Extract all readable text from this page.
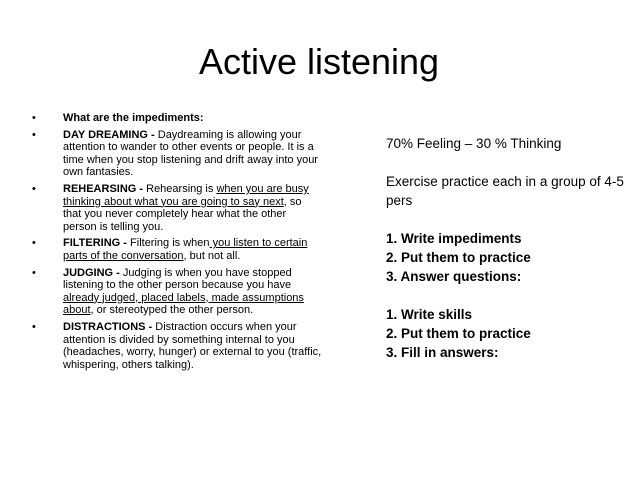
Active listening
• What are the impediments:
• DAY DREAMING - Daydreaming is allowing your attention to wander to other events or people. It is a time when you stop listening and drift away into your own fantasies.
• REHEARSING - Rehearsing is when you are busy thinking about what you are going to say next, so that you never completely hear what the other person is telling you.
• FILTERING - Filtering is when you listen to certain parts of the conversation, but not all.
• JUDGING - Judging is when you have stopped listening to the other person because you have already judged, placed labels, made assumptions about, or stereotyped the other person.
• DISTRACTIONS - Distraction occurs when your attention is divided by something internal to you (headaches, worry, hunger) or external to you (traffic, whispering, others talking).

70% Feeling – 30 % Thinking

Exercise practice each in a group of 4-5 pers

1. Write impediments

2. Put them to practice

3. Answer questions:

1. Write skills

2. Put them to practice

3. Fill in answers:
